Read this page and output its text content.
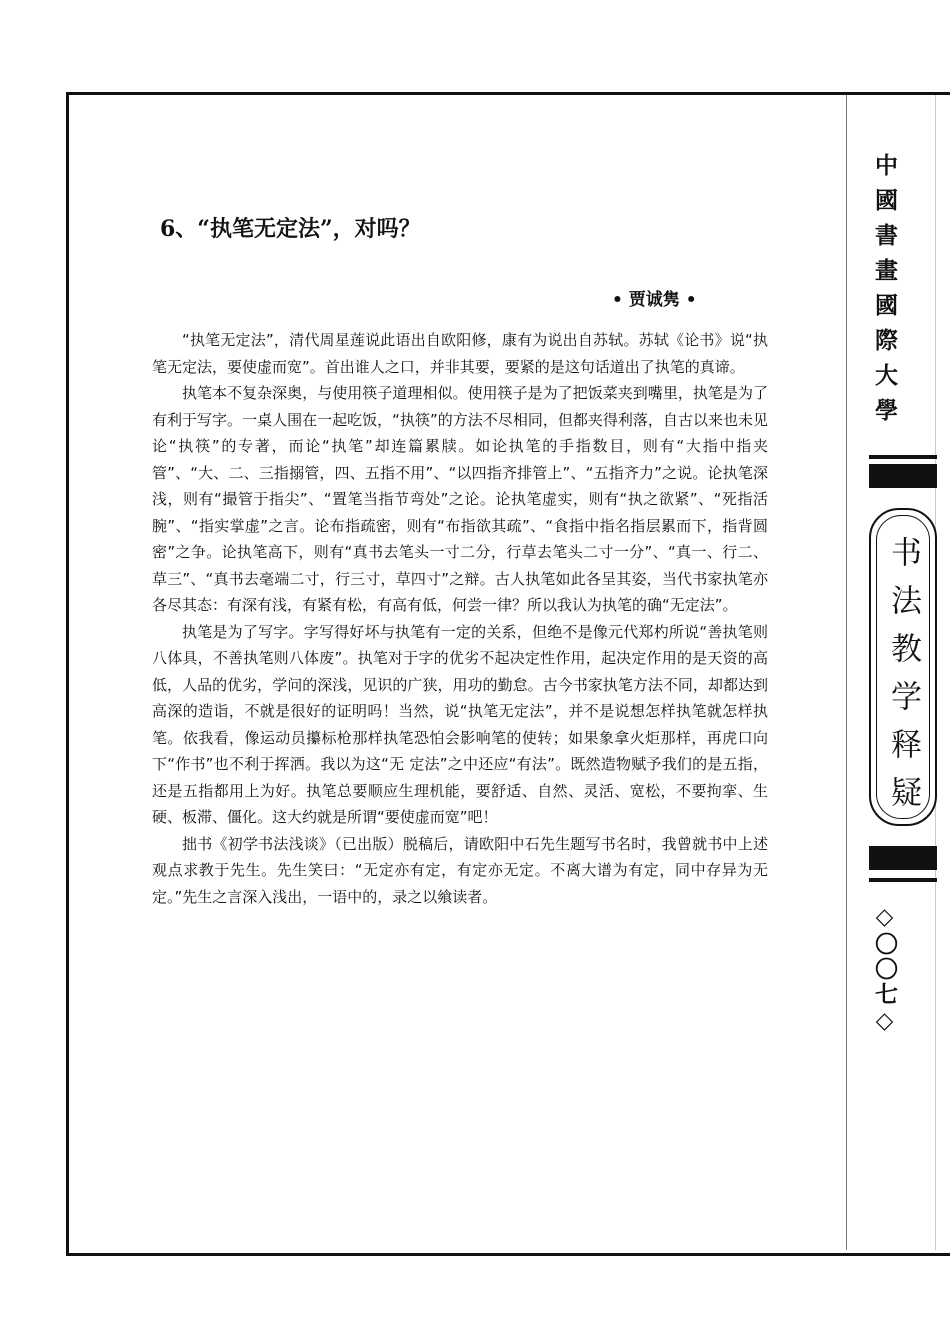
6、“执笔无定法”，对吗？
• 贾诚隽 •

“执笔无定法”，清代周星莲说此语出自欧阳修，康有为说出自苏轼。苏轼《论书》说“执笔无定法，要使虚而宽”。首出谁人之口，并非其要，要紧的是这句话道出了执笔的真谛。

执笔本不复杂深奥，与使用筷子道理相似。使用筷子是为了把饭菜夹到嘴里，执笔是为了有利于写字。一桌人围在一起吃饭，“执筷”的方法不尽相同，但都夹得利落，自古以来也未见论“执筷”的专著，而论“执笔”却连篇累牍。如论执笔的手指数目，则有“大指中指夹管”、“大、二、三指搦管，四、五指不用”、“以四指齐排管上”、“五指齐力”之说。论执笔深浅，则有“撮管于指尖”、“置笔当指节弯处”之论。论执笔虚实，则有“执之欲紧”、“死指活腕”、“指实掌虚”之言。论布指疏密，则有“布指欲其疏”、“食指中指名指层累而下，指背圆密”之争。论执笔高下，则有“真书去笔头一寸二分，行草去笔头二寸一分”、“真一、行二、草三”、“真书去毫端二寸，行三寸，草四寸”之辩。古人执笔如此各呈其姿，当代书家执笔亦各尽其态：有深有浅，有紧有松，有高有低，何尝一律？所以我认为执笔的确“无定法”。

执笔是为了写字。字写得好坏与执笔有一定的关系，但绝不是像元代郑杓所说“善执笔则八体具，不善执笔则八体废”。执笔对于字的优劣不起决定性作用，起决定作用的是天资的高低，人品的优劣，学问的深浅，见识的广狭，用功的勤怠。古今书家执笔方法不同，却都达到高深的造诣，不就是很好的证明吗！当然，说“执笔无定法”，并不是说想怎样执笔就怎样执笔。依我看，像运动员攥标枪那样执笔恐怕会影响笔的使转；如果象拿火炬那样，再虎口向下“作书”也不利于挥洒。我以为这“无 定法”之中还应“有法”。既然造物赋予我们的是五指，还是五指都用上为好。执笔总要顺应生理机能，要舒适、自然、灵活、宽松，不要拘挛、生硬、板滞、僵化。这大约就是所谓“要使虚而宽”吧！

拙书《初学书法浅谈》（已出版）脱稿后，请欧阳中石先生题写书名时，我曾就书中上述观点求教于先生。先生笑曰：“无定亦有定，有定亦无定。不离大谱为有定，同中存异为无定。”先生之言深入浅出，一语中的，录之以飨读者。

中國書畫國際大學
书法教学释疑
◇〇〇七◇
